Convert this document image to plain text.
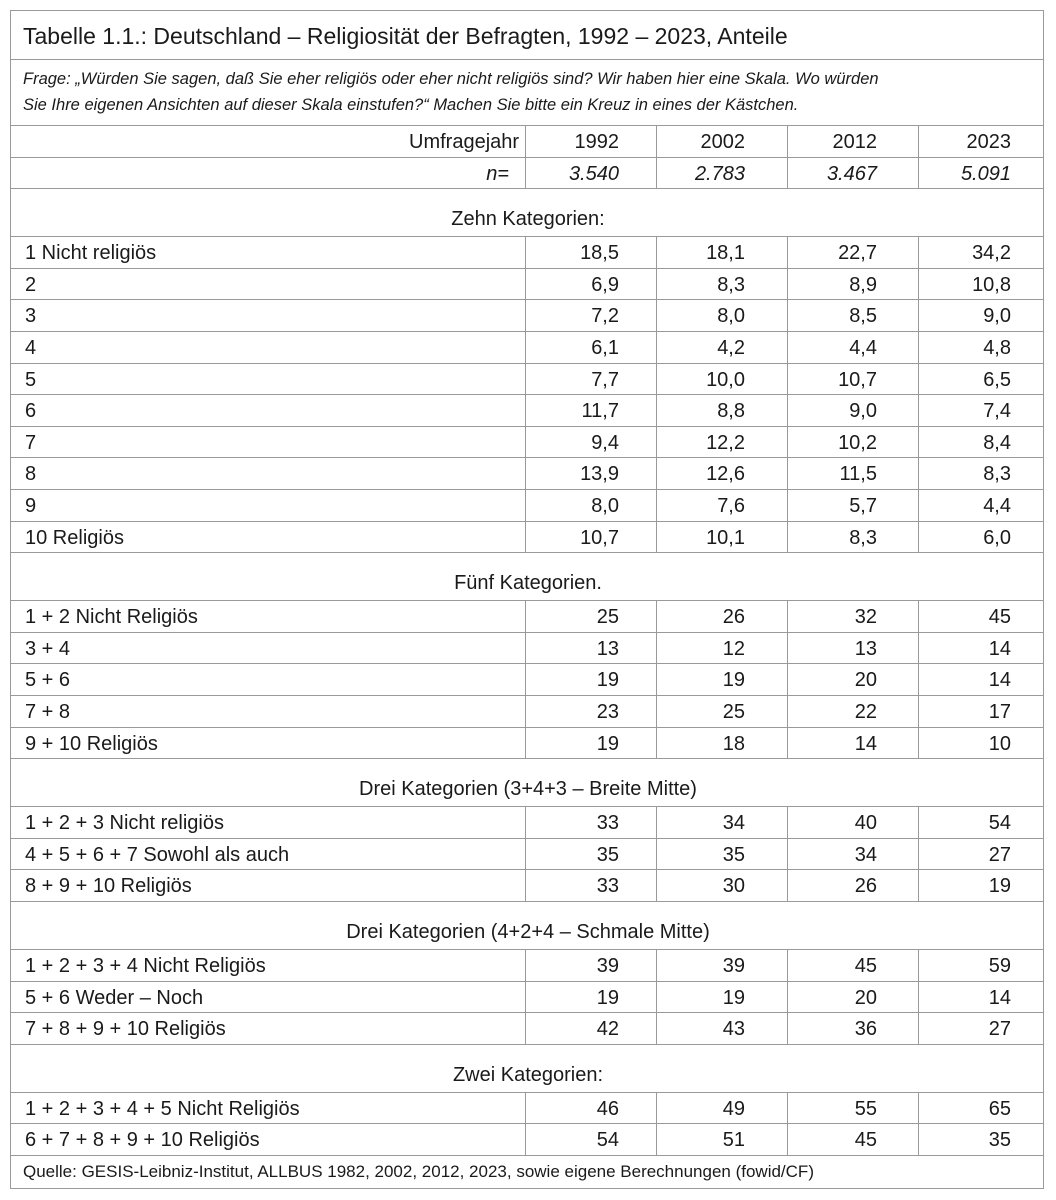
Tabelle 1.1.: Deutschland – Religiosität der Befragten, 1992 – 2023, Anteile
Frage: „Würden Sie sagen, daß Sie eher religiös oder eher nicht religiös sind? Wir haben hier eine Skala. Wo würden
Sie Ihre eigenen Ansichten auf dieser Skala einstufen?“ Machen Sie bitte ein Kreuz in eines der Kästchen.
Umfragejahr	1992	2002	2012	2023
n=	3.540	2.783	3.467	5.091
Zehn Kategorien:
1 Nicht religiös	18,5	18,1	22,7	34,2
2	6,9	8,3	8,9	10,8
3	7,2	8,0	8,5	9,0
4	6,1	4,2	4,4	4,8
5	7,7	10,0	10,7	6,5
6	11,7	8,8	9,0	7,4
7	9,4	12,2	10,2	8,4
8	13,9	12,6	11,5	8,3
9	8,0	7,6	5,7	4,4
10 Religiös	10,7	10,1	8,3	6,0
Fünf Kategorien.
1 + 2 Nicht Religiös	25	26	32	45
3 + 4	13	12	13	14
5 + 6	19	19	20	14
7 + 8	23	25	22	17
9 + 10 Religiös	19	18	14	10
Drei Kategorien (3+4+3 – Breite Mitte)
1 + 2 + 3 Nicht religiös	33	34	40	54
4 + 5 + 6 + 7 Sowohl als auch	35	35	34	27
8 + 9 + 10 Religiös	33	30	26	19
Drei Kategorien (4+2+4 – Schmale Mitte)
1 + 2 + 3 + 4 Nicht Religiös	39	39	45	59
5 + 6 Weder – Noch	19	19	20	14
7 + 8 + 9 + 10 Religiös	42	43	36	27
Zwei Kategorien:
1 + 2 + 3 + 4 + 5 Nicht Religiös	46	49	55	65
6 + 7 + 8 + 9 + 10 Religiös	54	51	45	35
Quelle: GESIS-Leibniz-Institut, ALLBUS 1982, 2002, 2012, 2023, sowie eigene Berechnungen (fowid/CF)
